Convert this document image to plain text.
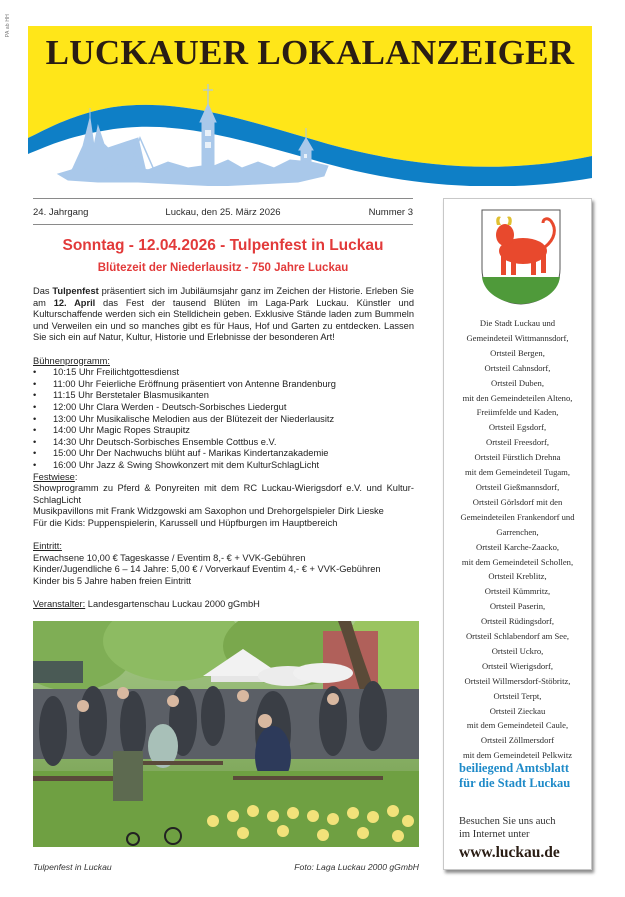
PA ab HH
LUCKAUER LOKALANZEIGER
24. Jahrgang	Luckau, den 25. März 2026	Nummer 3
Sonntag - 12.04.2026 - Tulpenfest in Luckau
Blütezeit der Niederlausitz - 750 Jahre Luckau

Das Tulpenfest präsentiert sich im Jubiläumsjahr ganz im Zeichen der Historie. Erleben Sie am 12. April das Fest der tausend Blüten im Laga-Park Luckau. Künstler und Kulturschaffende werden sich ein Stelldichein geben. Exklusive Stände laden zum Bummeln und Verweilen ein und so manches gibt es für Haus, Hof und Garten zu entdecken. Lassen Sie sich ein auf Natur, Kultur, Historie und Erlebnisse der besonderen Art!

Bühnenprogramm:
• 10:15 Uhr Freilichtgottesdienst
• 11:00 Uhr Feierliche Eröffnung präsentiert von Antenne Brandenburg
• 11:15 Uhr Berstetaler Blasmusikanten
• 12:00 Uhr Clara Werden - Deutsch-Sorbisches Liedergut
• 13:00 Uhr Musikalische Melodien aus der Blütezeit der Niederlausitz
• 14:00 Uhr Magic Ropes Straupitz
• 14:30 Uhr Deutsch-Sorbisches Ensemble Cottbus e.V.
• 15:00 Uhr Der Nachwuchs blüht auf - Marikas Kindertanzakademie
• 16:00 Uhr Jazz & Swing Showkonzert mit dem KulturSchlagLicht
Festwiese:

Showprogramm zu Pferd & Ponyreiten mit dem RC Luckau-Wierigsdorf e.V. und Kultur-SchlagLicht

Musikpavillons mit Frank Widzgowski am Saxophon und Drehorgelspieler Dirk Lieske
Für die Kids: Puppenspielerin, Karussell und Hüpfburgen im Hauptbereich
Eintritt:
Erwachsene 10,00 € Tageskasse / Eventim 8,- € + VVK-Gebühren
Kinder/Jugendliche 6 – 14 Jahre: 5,00 € / Vorverkauf Eventim 4,- € + VVK-Gebühren
Kinder bis 5 Jahre haben freien Eintritt
Veranstalter: Landesgartenschau Luckau 2000 gGmbH
Tulpenfest in Luckau	Foto: Laga Luckau 2000 gGmbH
Die Stadt Luckau und
Gemeindeteil Wittmannsdorf,
Ortsteil Bergen,
Ortsteil Cahnsdorf,
Ortsteil Duben,
mit den Gemeindeteilen Alteno,
Freiimfelde und Kaden,
Ortsteil Egsdorf,
Ortsteil Freesdorf,
Ortsteil Fürstlich Drehna
mit dem Gemeindeteil Tugam,
Ortsteil Gießmannsdorf,
Ortsteil Görlsdorf mit den
Gemeindeteilen Frankendorf und
Garrenchen,
Ortsteil Karche-Zaacko,
mit dem Gemeindeteil Schollen,
Ortsteil Kreblitz,
Ortsteil Kümmritz,
Ortsteil Paserin,
Ortsteil Rüdingsdorf,
Ortsteil Schlabendorf am See,
Ortsteil Uckro,
Ortsteil Wierigsdorf,
Ortsteil Willmersdorf-Stöbritz,
Ortsteil Terpt,
Ortsteil Zieckau
mit dem Gemeindeteil Caule,
Ortsteil Zöllmersdorf
mit dem Gemeindeteil Pelkwitz
beiliegend Amtsblatt
für die Stadt Luckau
Besuchen Sie uns auch
im Internet unter
www.luckau.de
